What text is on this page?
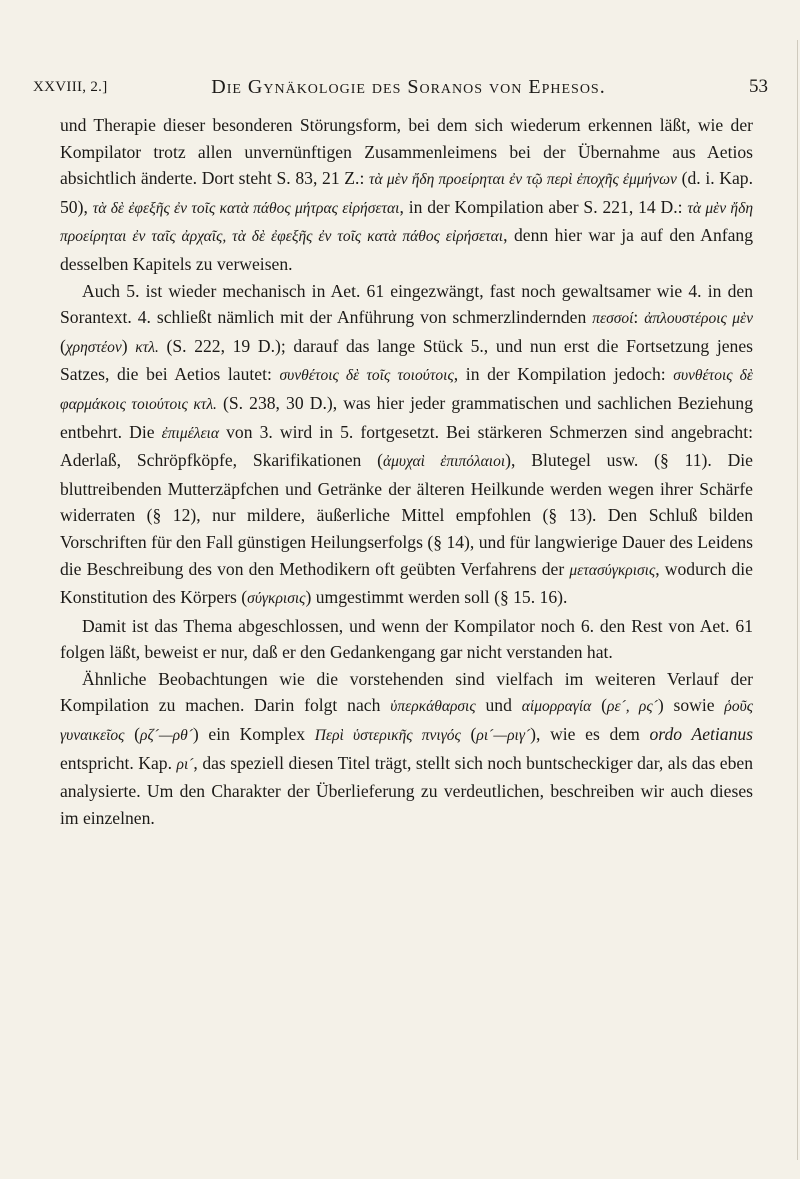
XXVIII, 2.]	Die Gynäkologie des Soranos von Ephesos.	53

und Therapie dieser besonderen Störungsform, bei dem sich wiederum erkennen läßt, wie der Kompilator trotz allen unvernünftigen Zusammenleimens bei der Übernahme aus Aetios absichtlich änderte. Dort steht S. 83, 21 Z.: τὰ μὲν ἤδη προείρηται ἐν τῷ περὶ ἐποχῆς ἐμμήνων (d. i. Kap. 50), τὰ δὲ ἐφεξῆς ἐν τοῖς κατὰ πάθος μήτρας εἰρήσεται, in der Kompilation aber S. 221, 14 D.: τὰ μὲν ἤδη προείρηται ἐν ταῖς ἀρχαῖς, τὰ δὲ ἐφεξῆς ἐν τοῖς κατὰ πάθος εἰρήσεται, denn hier war ja auf den Anfang desselben Kapitels zu verweisen.

Auch 5. ist wieder mechanisch in Aet. 61 eingezwängt, fast noch gewaltsamer wie 4. in den Sorantext. 4. schließt nämlich mit der Anführung von schmerzlindernden πεσσοί: ἀπλουστέροις μὲν (χρηστέον) κτλ. (S. 222, 19 D.); darauf das lange Stück 5., und nun erst die Fortsetzung jenes Satzes, die bei Aetios lautet: συνθέτοις δὲ τοῖς τοιούτοις, in der Kompilation jedoch: συνθέτοις δὲ φαρμάκοις τοιούτοις κτλ. (S. 238, 30 D.), was hier jeder grammatischen und sachlichen Beziehung entbehrt. Die ἐπιμέλεια von 3. wird in 5. fortgesetzt. Bei stärkeren Schmerzen sind angebracht: Aderlaß, Schröpfköpfe, Skarifikationen (ἀμυχαὶ ἐπιπόλαιοι), Blutegel usw. (§ 11). Die bluttreibenden Mutterzäpfchen und Getränke der älteren Heilkunde werden wegen ihrer Schärfe widerraten (§ 12), nur mildere, äußerliche Mittel empfohlen (§ 13). Den Schluß bilden Vorschriften für den Fall günstigen Heilungserfolgs (§ 14), und für langwierige Dauer des Leidens die Beschreibung des von den Methodikern oft geübten Verfahrens der μετασύγκρισις, wodurch die Konstitution des Körpers (σύγκρισις) umgestimmt werden soll (§ 15. 16).

Damit ist das Thema abgeschlossen, und wenn der Kompilator noch 6. den Rest von Aet. 61 folgen läßt, beweist er nur, daß er den Gedankengang gar nicht verstanden hat.

Ähnliche Beobachtungen wie die vorstehenden sind vielfach im weiteren Verlauf der Kompilation zu machen. Darin folgt nach ὑπερκάθαρσις und αἱμορραγία (ρε´, ρς´) sowie ῥοῦς γυναικεῖος (ρζ´—ρθ´) ein Komplex Περὶ ὑστερικῆς πνιγός (ρι´—ριγ´), wie es dem ordo Aetianus entspricht. Kap. ρι´, das speziell diesen Titel trägt, stellt sich noch buntscheckiger dar, als das eben analysierte. Um den Charakter der Überlieferung zu verdeutlichen, beschreiben wir auch dieses im einzelnen.
